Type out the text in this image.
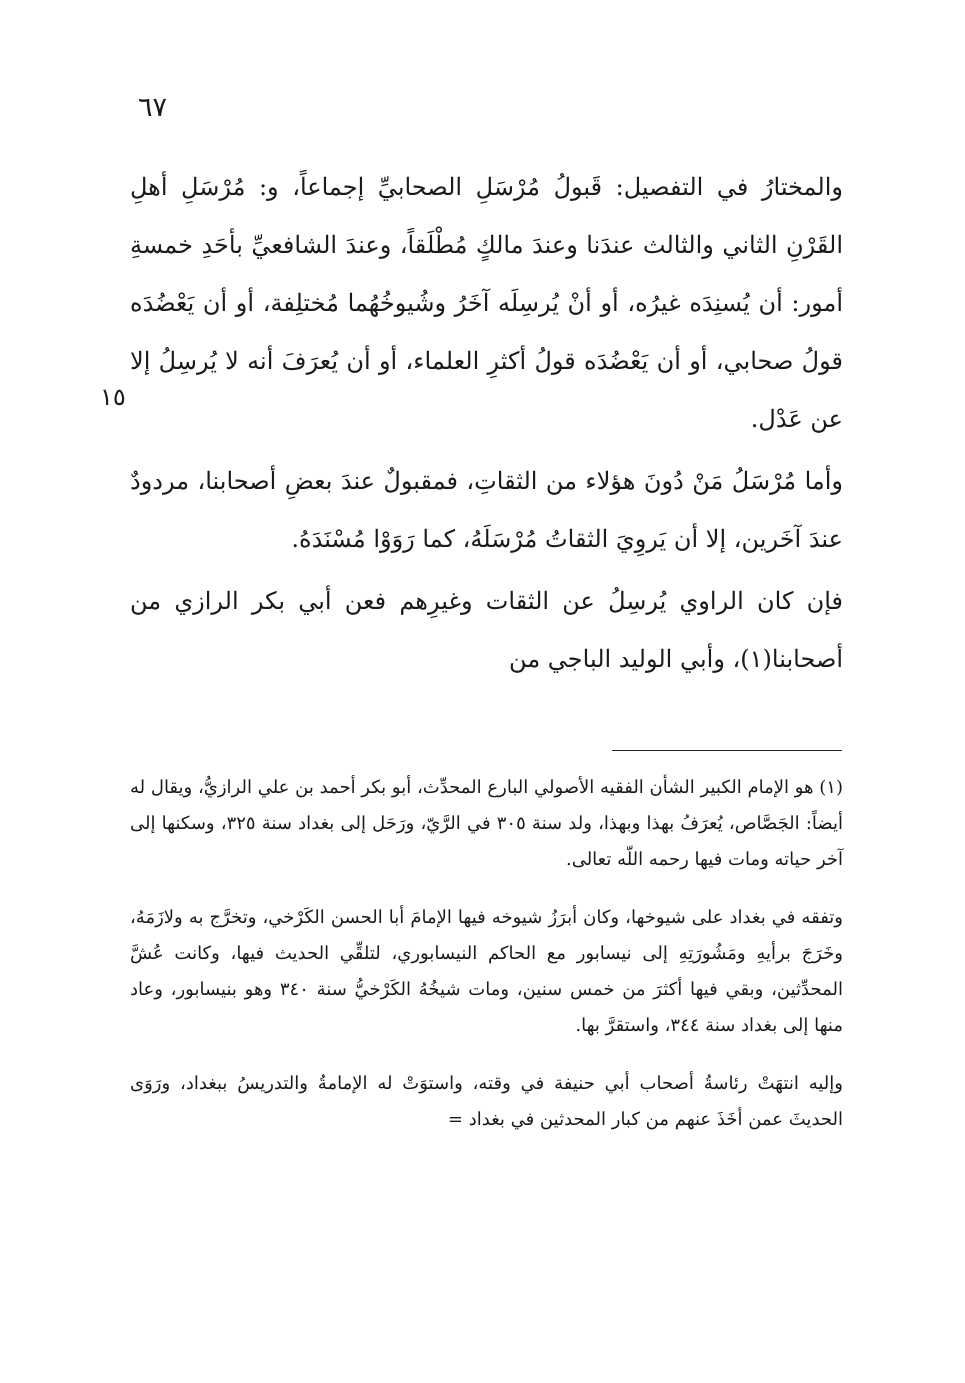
٦٧
١٥

والمختارُ في التفصيل: قَبولُ مُرْسَلِ الصحابيِّ إجماعاً، و: مُرْسَلِ أهلِ القَرْنِ الثاني والثالث عندَنا وعندَ مالكٍ مُطْلَقاً، وعندَ الشافعيِّ بأحَدِ خمسةِ أمور: أن يُسنِدَه غيرُه، أو أنْ يُرسِلَه آخَرُ وشُيوخُهُما مُختلِفة، أو أن يَعْضُدَه قولُ صحابي، أو أن يَعْضُدَه قولُ أكثرِ العلماء، أو أن يُعرَفَ أنه لا يُرسِلُ إلا عن عَدْل.

وأما مُرْسَلُ مَنْ دُونَ هؤلاء من الثقاتِ، فمقبولٌ عندَ بعضِ أصحابنا، مردودٌ عندَ آخَرين، إلا أن يَروِيَ الثقاتُ مُرْسَلَهُ، كما رَوَوْا مُسْنَدَهُ.

فإن كان الراوي يُرسِلُ عن الثقات وغيرِهم فعن أبي بكر الرازي من أصحابنا(١)، وأبي الوليد الباجي من

(١) هو الإمام الكبير الشأن الفقيه الأصولي البارع المحدِّث، أبو بكر أحمد بن علي الرازيُّ، ويقال له أيضاً: الجَصَّاص، يُعرَفُ بهذا وبهذا، ولد سنة ٣٠٥ في الرَّيّ، ورَحَل إلى بغداد سنة ٣٢٥، وسكنها إلى آخر حياته ومات فيها رحمه اللّه تعالى.

وتفقه في بغداد على شيوخها، وكان أبرَزُ شيوخه فيها الإمامَ أبا الحسن الكَرْخي، وتخرَّج به ولازَمَهُ، وخَرَجَ برأيهِ ومَشُورَتِهِ إلى نيسابور مع الحاكم النيسابوري، لتلقِّي الحديث فيها، وكانت عُشَّ المحدِّثين، وبقي فيها أكثرَ من خمس سنين، ومات شيخُهُ الكَرْخيُّ سنة ٣٤٠ وهو بنيسابور، وعاد منها إلى بغداد سنة ٣٤٤، واستقرَّ بها.

وإليه انتهَتْ رئاسةُ أصحاب أبي حنيفة في وقته، واستوَتْ له الإمامةُ والتدريسُ ببغداد، ورَوَى الحديثَ عمن أخَذَ عنهم من كبار المحدثين في بغداد =
